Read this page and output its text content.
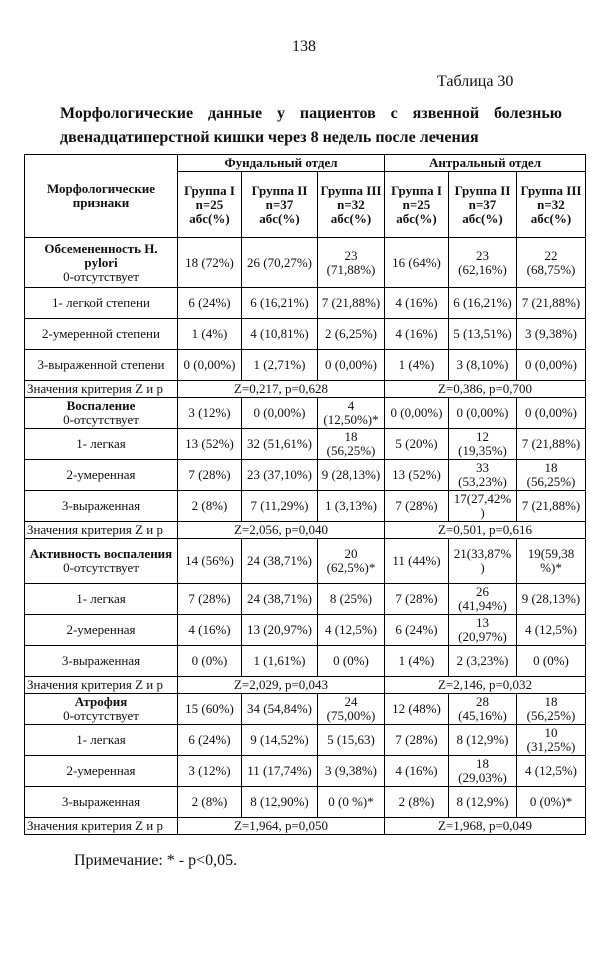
138
Таблица 30
Морфологические данные у пациентов с язвенной болезнью
двенадцатиперстной кишки через 8 недель после лечения
Морфологические признаки	Фундальный отдел			Антральный отдел		
	Группа I n=25 абс(%)	Группа II n=37 абс(%)	Группа III n=32 абс(%)	Группа I n=25 абс(%)	Группа II n=37 абс(%)	Группа III n=32 абс(%)
Обсемененность H. pylori
0-отсутствует	18 (72%)	26 (70,27%)	23 (71,88%)	16 (64%)	23 (62,16%)	22 (68,75%)
1- легкой степени	6 (24%)	6 (16,21%)	7 (21,88%)	4 (16%)	6 (16,21%)	7 (21,88%)
2-умеренной степени	1 (4%)	4 (10,81%)	2 (6,25%)	4 (16%)	5 (13,51%)	3 (9,38%)
3-выраженной степени	0 (0,00%)	1 (2,71%)	0 (0,00%)	1 (4%)	3 (8,10%)	0 (0,00%)
Значения критерия Z и р	Z=0,217, р=0,628			Z=0,386, р=0,700		
Воспаление
0-отсутствует	3 (12%)	0 (0,00%)	4 (12,50%)*	0 (0,00%)	0 (0,00%)	0 (0,00%)
1- легкая	13 (52%)	32 (51,61%)	18 (56,25%)	5 (20%)	12 (19,35%)	7 (21,88%)
2-умеренная	7 (28%)	23 (37,10%)	9 (28,13%)	13 (52%)	33 (53,23%)	18 (56,25%)
3-выраженная	2 (8%)	7 (11,29%)	1 (3,13%)	7 (28%)	17(27,42% )	7 (21,88%)
Значения критерия Z и р	Z=2,056, р=0,040			Z=0,501, р=0,616		
Активность воспаления
0-отсутствует	14 (56%)	24 (38,71%)	20 (62,5%)*	11 (44%)	21(33,87% )	19(59,38 %)*
1- легкая	7 (28%)	24 (38,71%)	8 (25%)	7 (28%)	26 (41,94%)	9 (28,13%)
2-умеренная	4 (16%)	13 (20,97%)	4 (12,5%)	6 (24%)	13 (20,97%)	4 (12,5%)
3-выраженная	0 (0%)	1 (1,61%)	0 (0%)	1 (4%)	2 (3,23%)	0 (0%)
Значения критерия Z и р	Z=2,029, р=0,043			Z=2,146, р=0,032		
Атрофия
0-отсутствует	15 (60%)	34 (54,84%)	24 (75,00%)	12 (48%)	28 (45,16%)	18 (56,25%)
1- легкая	6 (24%)	9 (14,52%)	5 (15,63)	7 (28%)	8 (12,9%)	10 (31,25%)
2-умеренная	3 (12%)	11 (17,74%)	3 (9,38%)	4 (16%)	18 (29,03%)	4 (12,5%)
3-выраженная	2 (8%)	8 (12,90%)	0 (0 %)*	2 (8%)	8 (12,9%)	0 (0%)*
Значения критерия Z и р	Z=1,964, р=0,050			Z=1,968, р=0,049		
Примечание: * - р<0,05.
